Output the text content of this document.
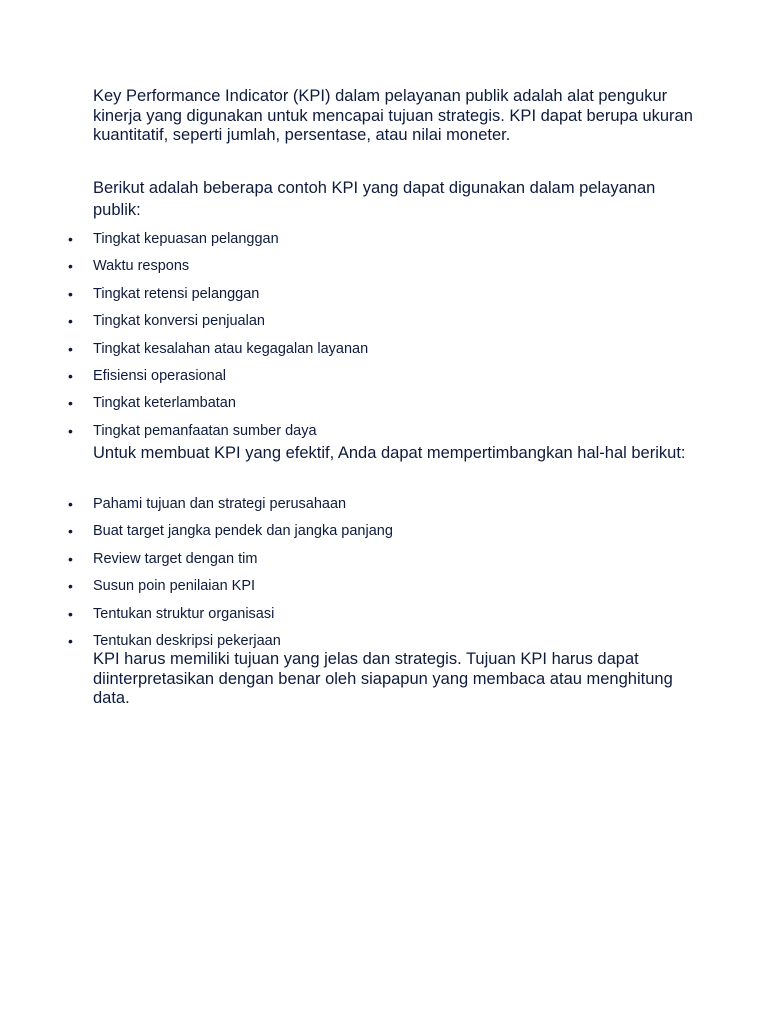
Key Performance Indicator (KPI) dalam pelayanan publik adalah alat pengukur kinerja yang digunakan untuk mencapai tujuan strategis. KPI dapat berupa ukuran kuantitatif, seperti jumlah, persentase, atau nilai moneter.

Berikut adalah beberapa contoh KPI yang dapat digunakan dalam pelayanan publik:

• Tingkat kepuasan pelanggan
• Waktu respons
• Tingkat retensi pelanggan
• Tingkat konversi penjualan
• Tingkat kesalahan atau kegagalan layanan
• Efisiensi operasional
• Tingkat keterlambatan
• Tingkat pemanfaatan sumber daya

Untuk membuat KPI yang efektif, Anda dapat mempertimbangkan hal-hal berikut:

• Pahami tujuan dan strategi perusahaan
• Buat target jangka pendek dan jangka panjang
• Review target dengan tim
• Susun poin penilaian KPI
• Tentukan struktur organisasi
• Tentukan deskripsi pekerjaan

KPI harus memiliki tujuan yang jelas dan strategis. Tujuan KPI harus dapat diinterpretasikan dengan benar oleh siapapun yang membaca atau menghitung data.
